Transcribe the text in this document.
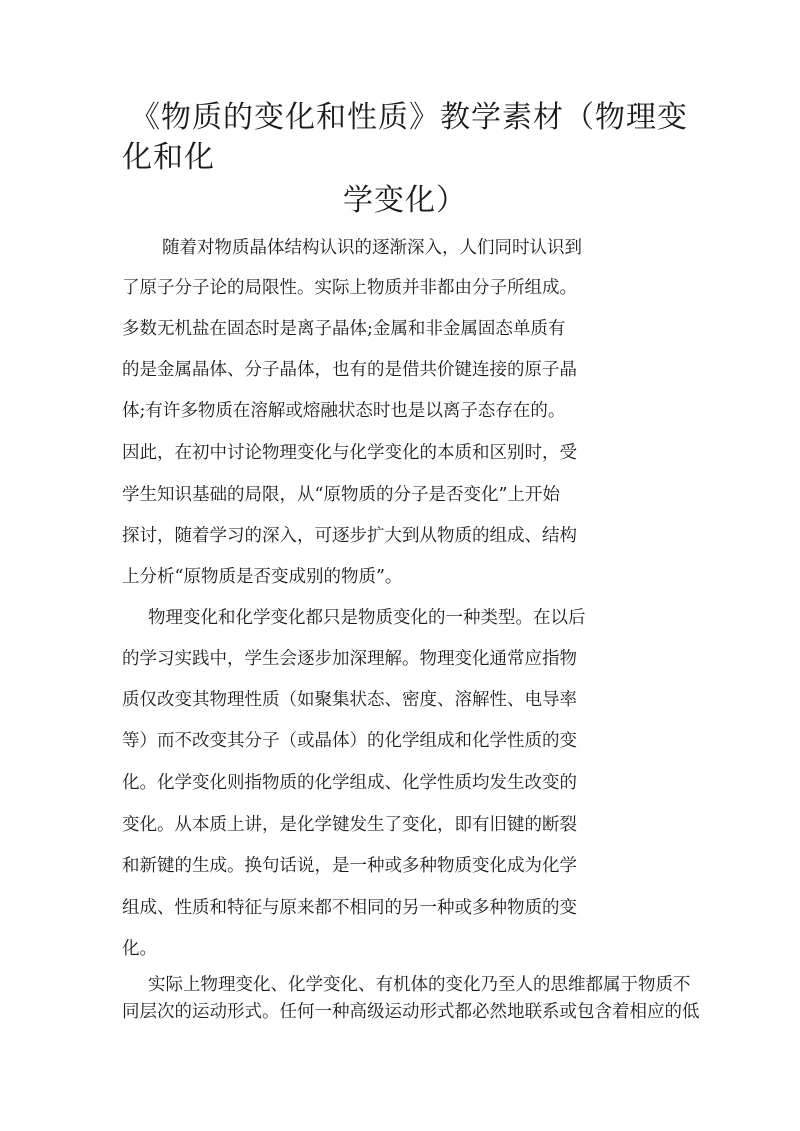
《物质的变化和性质》教学素材（物理变
化和化
学变化）
随着对物质晶体结构认识的逐渐深入，人们同时认识到
了原子分子论的局限性。实际上物质并非都由分子所组成。
多数无机盐在固态时是离子晶体;金属和非金属固态单质有
的是金属晶体、分子晶体，也有的是借共价键连接的原子晶
体;有许多物质在溶解或熔融状态时也是以离子态存在的。
因此，在初中讨论物理变化与化学变化的本质和区别时，受
学生知识基础的局限，从“原物质的分子是否变化”上开始
探讨，随着学习的深入，可逐步扩大到从物质的组成、结构
上分析“原物质是否变成别的物质”。
物理变化和化学变化都只是物质变化的一种类型。在以后
的学习实践中，学生会逐步加深理解。物理变化通常应指物
质仅改变其物理性质（如聚集状态、密度、溶解性、电导率
等）而不改变其分子（或晶体）的化学组成和化学性质的变
化。化学变化则指物质的化学组成、化学性质均发生改变的
变化。从本质上讲，是化学键发生了变化，即有旧键的断裂
和新键的生成。换句话说，是一种或多种物质变化成为化学
组成、性质和特征与原来都不相同的另一种或多种物质的变
化。
实际上物理变化、化学变化、有机体的变化乃至人的思维都属于物质不
同层次的运动形式。任何一种高级运动形式都必然地联系或包含着相应的低
